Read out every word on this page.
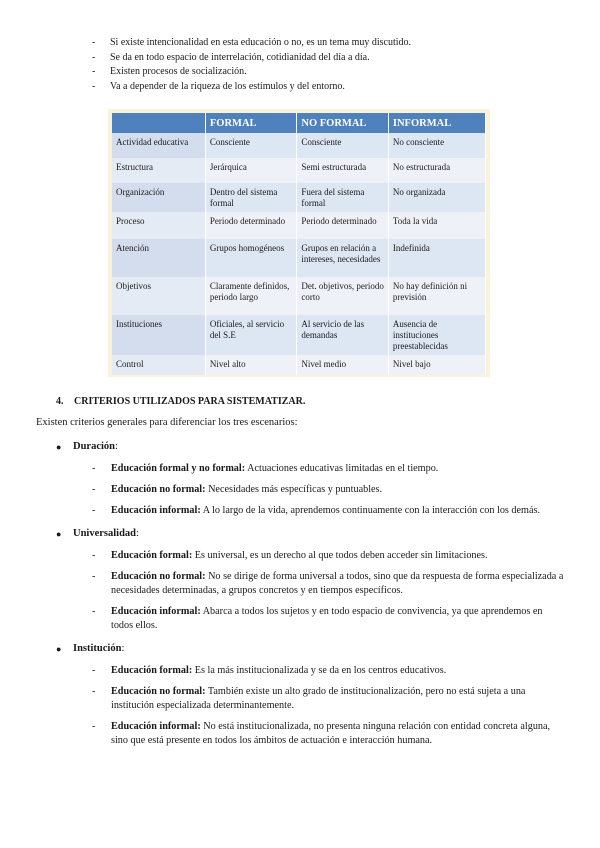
- Si existe intencionalidad en esta educación o no, es un tema muy discutido.
- Se da en todo espacio de interrelación, cotidianidad del día a día.
- Existen procesos de socialización.
- Va a depender de la riqueza de los estímulos y del entorno.
	FORMAL	NO FORMAL	INFORMAL
Actividad educativa	Consciente	Consciente	No consciente
Estructura	Jerárquica	Semi estructurada	No estructurada
Organización	Dentro del sistema formal	Fuera del sistema formal	No organizada
Proceso	Periodo determinado	Periodo determinado	Toda la vida
Atención	Grupos homogéneos	Grupos en relación a intereses, necesidades	Indefinida
Objetivos	Claramente definidos, periodo largo	Det. objetivos, periodo corto	No hay definición ni previsión
Instituciones	Oficiales, al servicio del S.E	Al servicio de las demandas	Ausencia de instituciones preestablecidas
Control	Nivel alto	Nivel medio	Nivel bajo
4. CRITERIOS UTILIZADOS PARA SISTEMATIZAR.
Existen criterios generales para diferenciar los tres escenarios:
● Duración:
- Educación formal y no formal: Actuaciones educativas limitadas en el tiempo.
- Educación no formal: Necesidades más específicas y puntuables.
- Educación informal: A lo largo de la vida, aprendemos continuamente con la interacción con los demás.
● Universalidad:
- Educación formal: Es universal, es un derecho al que todos deben acceder sin limitaciones.
- Educación no formal: No se dirige de forma universal a todos, sino que da respuesta de forma especializada a necesidades determinadas, a grupos concretos y en tiempos específicos.
- Educación informal: Abarca a todos los sujetos y en todo espacio de convivencia, ya que aprendemos en todos ellos.
● Institución:
- Educación formal: Es la más institucionalizada y se da en los centros educativos.
- Educación no formal: También existe un alto grado de institucionalización, pero no está sujeta a una institución especializada determinantemente.
- Educación informal: No está institucionalizada, no presenta ninguna relación con entidad concreta alguna, sino que está presente en todos los ámbitos de actuación e interacción humana.
